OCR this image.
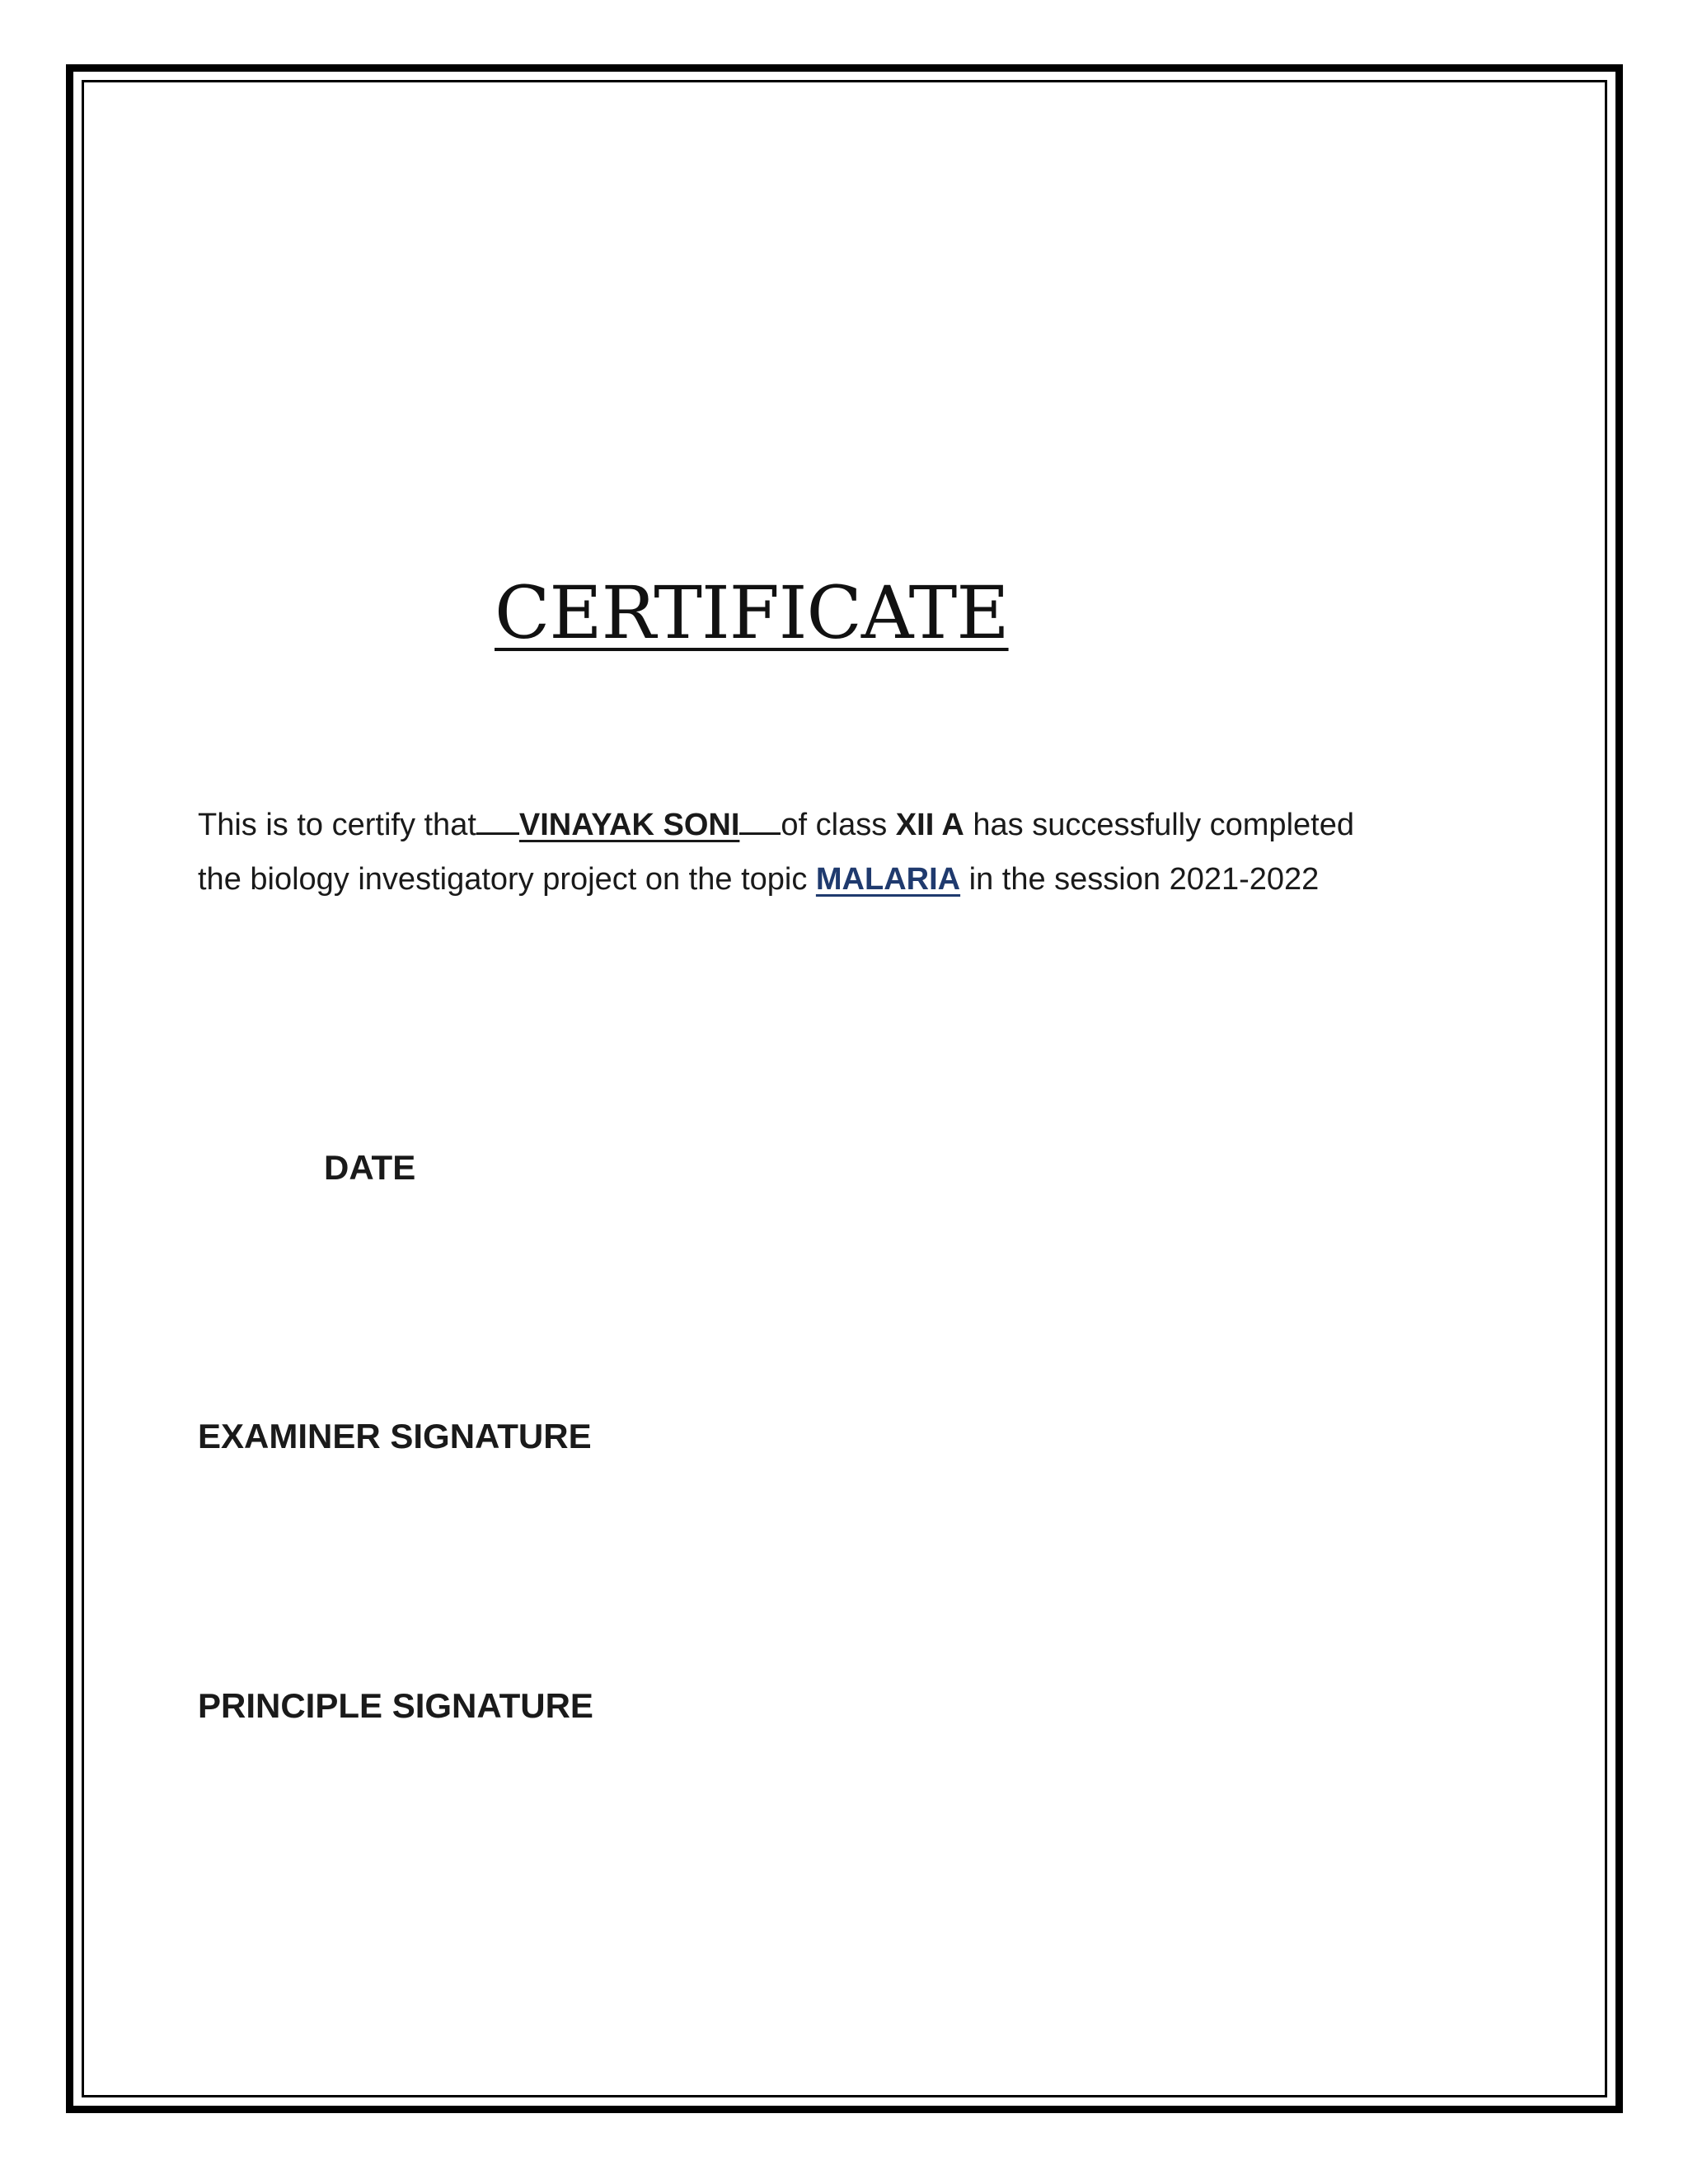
CERTIFICATE

This is to certify that VINAYAK SONI of class XII A has successfully completed
the biology investigatory project on the topic MALARIA in the session 2021-2022

DATE

EXAMINER SIGNATURE

PRINCIPLE SIGNATURE
